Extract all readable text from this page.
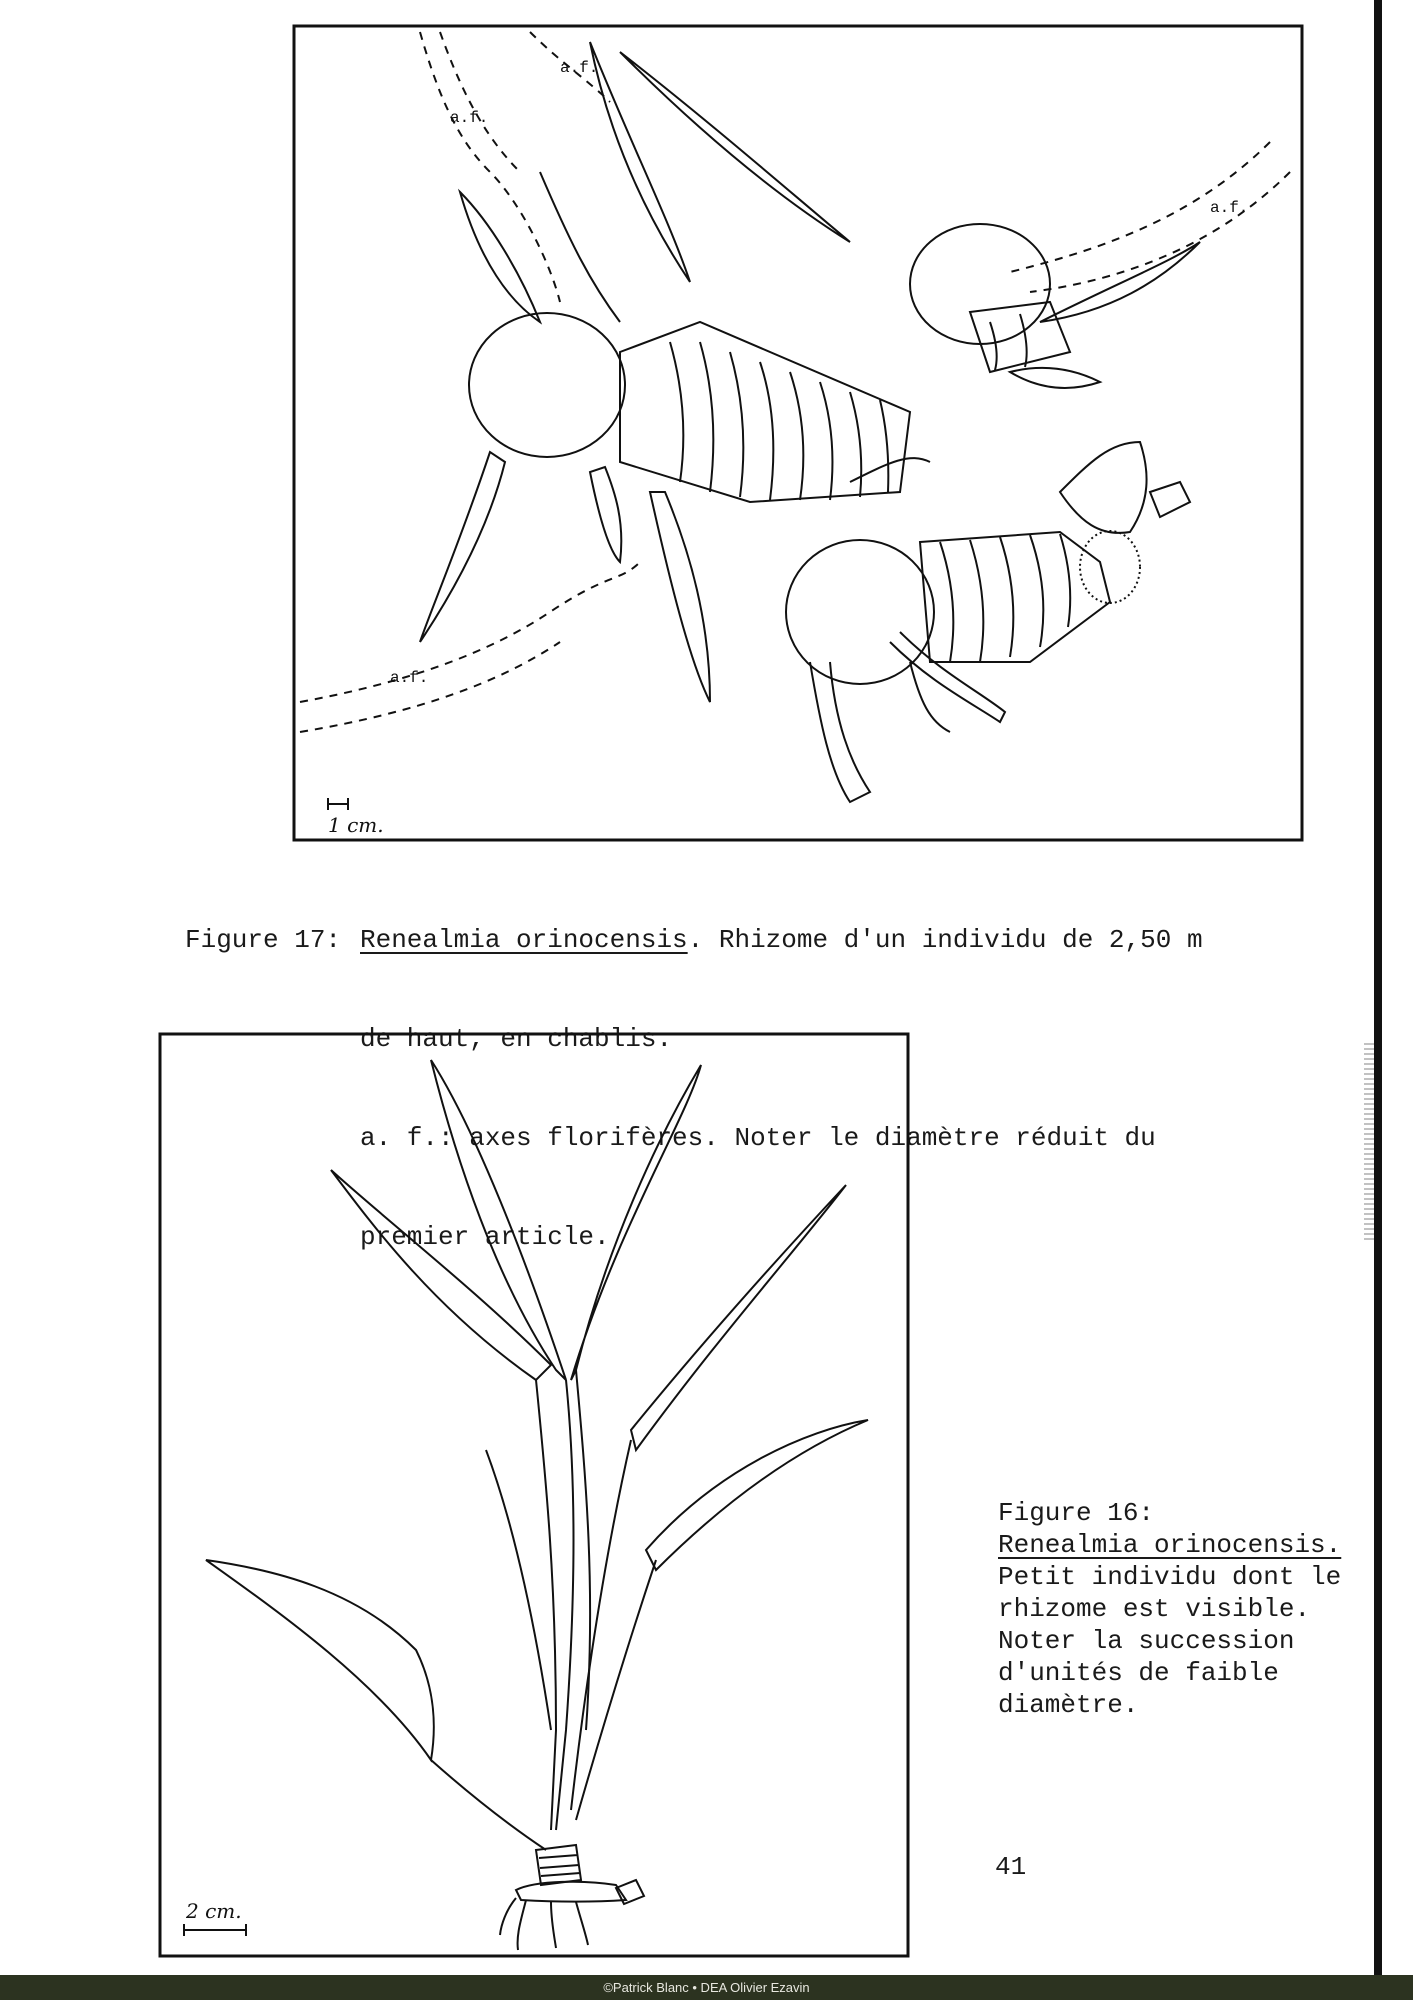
a.f.
a.f.
a.f.
a.f.
1 cm.

Figure 17: Renealmia orinocensis. Rhizome d'un individu de 2,50 m

de haut, en chablis.

a. f.: axes florifères. Noter le diamètre réduit du

premier article.

2 cm.
Figure 16:
Renealmia orinocensis.
Petit individu dont le
rhizome est visible.
Noter la succession
d'unités de faible
diamètre.
41
©Patrick Blanc • DEA Olivier Ezavin
